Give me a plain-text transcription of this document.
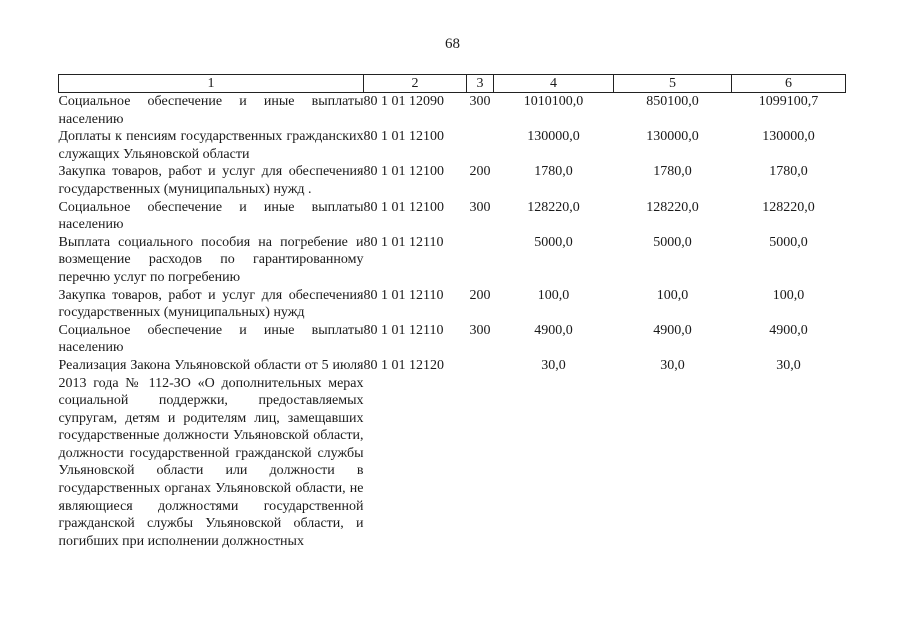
68
1	2	3	4	5	6
Социальное обеспечение и иные выплаты населению	80 1 01 12090	300	1010100,0	850100,0	1099100,7
Доплаты к пенсиям государственных гражданских служащих Ульяновской области	80 1 01 12100		130000,0	130000,0	130000,0
Закупка товаров, работ и услуг для обеспечения государственных (муниципальных) нужд .	80 1 01 12100	200	1780,0	1780,0	1780,0
Социальное обеспечение и иные выплаты населению	80 1 01 12100	300	128220,0	128220,0	128220,0
Выплата социального пособия на погребение и возмещение расходов по гарантированному перечню услуг по погребению	80 1 01 12110		5000,0	5000,0	5000,0
Закупка товаров, работ и услуг для обеспечения государственных (муниципальных) нужд	80 1 01 12110	200	100,0	100,0	100,0
Социальное обеспечение и иные выплаты населению	80 1 01 12110	300	4900,0	4900,0	4900,0
Реализация Закона Ульяновской области от 5 июля 2013 года № 112-ЗО «О дополнительных мерах социальной поддержки, предоставляемых супругам, детям и родителям лиц, замещавших государственные должности Ульяновской области, должности государственной гражданской службы Ульяновской области или должности в государственных органах Ульяновской области, не являющиеся должностями государственной гражданской службы Ульяновской области, и погибших при исполнении должностных	80 1 01 12120		30,0	30,0	30,0
